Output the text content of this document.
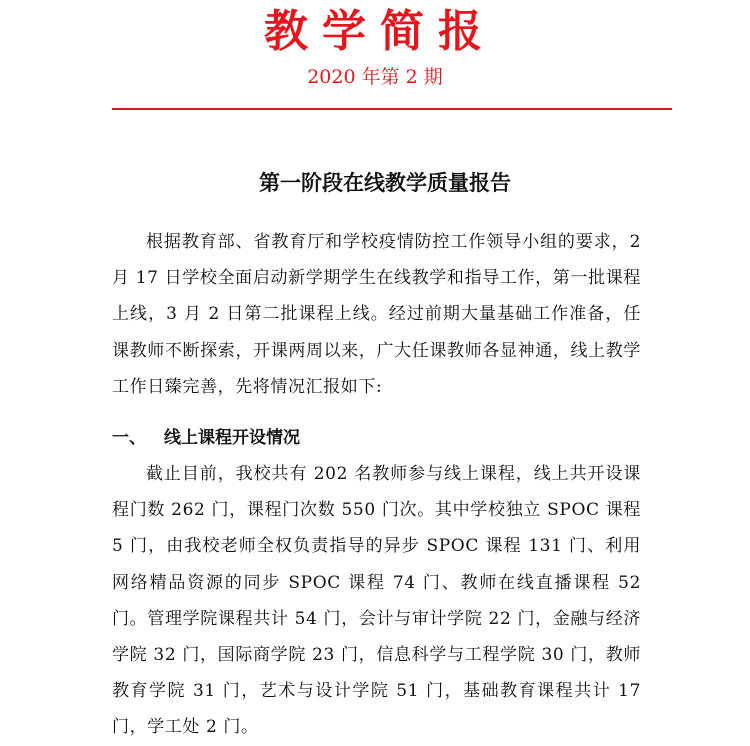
教学简报
2020 年第 2 期
第一阶段在线教学质量报告
根据教育部、省教育厅和学校疫情防控工作领导小组的要求，2 月 17 日学校全面启动新学期学生在线教学和指导工作，第一批课程上线，3 月 2 日第二批课程上线。经过前期大量基础工作准备，任课教师不断探索，开课两周以来，广大任课教师各显神通，线上教学工作日臻完善，先将情况汇报如下:
一、 线上课程开设情况
截止目前，我校共有 202 名教师参与线上课程，线上共开设课程门数 262 门，课程门次数 550 门次。其中学校独立 SPOC 课程 5 门，由我校老师全权负责指导的异步 SPOC 课程 131 门、利用网络精品资源的同步 SPOC 课程 74 门、教师在线直播课程 52 门。管理学院课程共计 54 门，会计与审计学院 22 门，金融与经济学院 32 门，国际商学院 23 门，信息科学与工程学院 30 门，教师教育学院 31 门，艺术与设计学院 51 门，基础教育课程共计 17 门，学工处 2 门。
